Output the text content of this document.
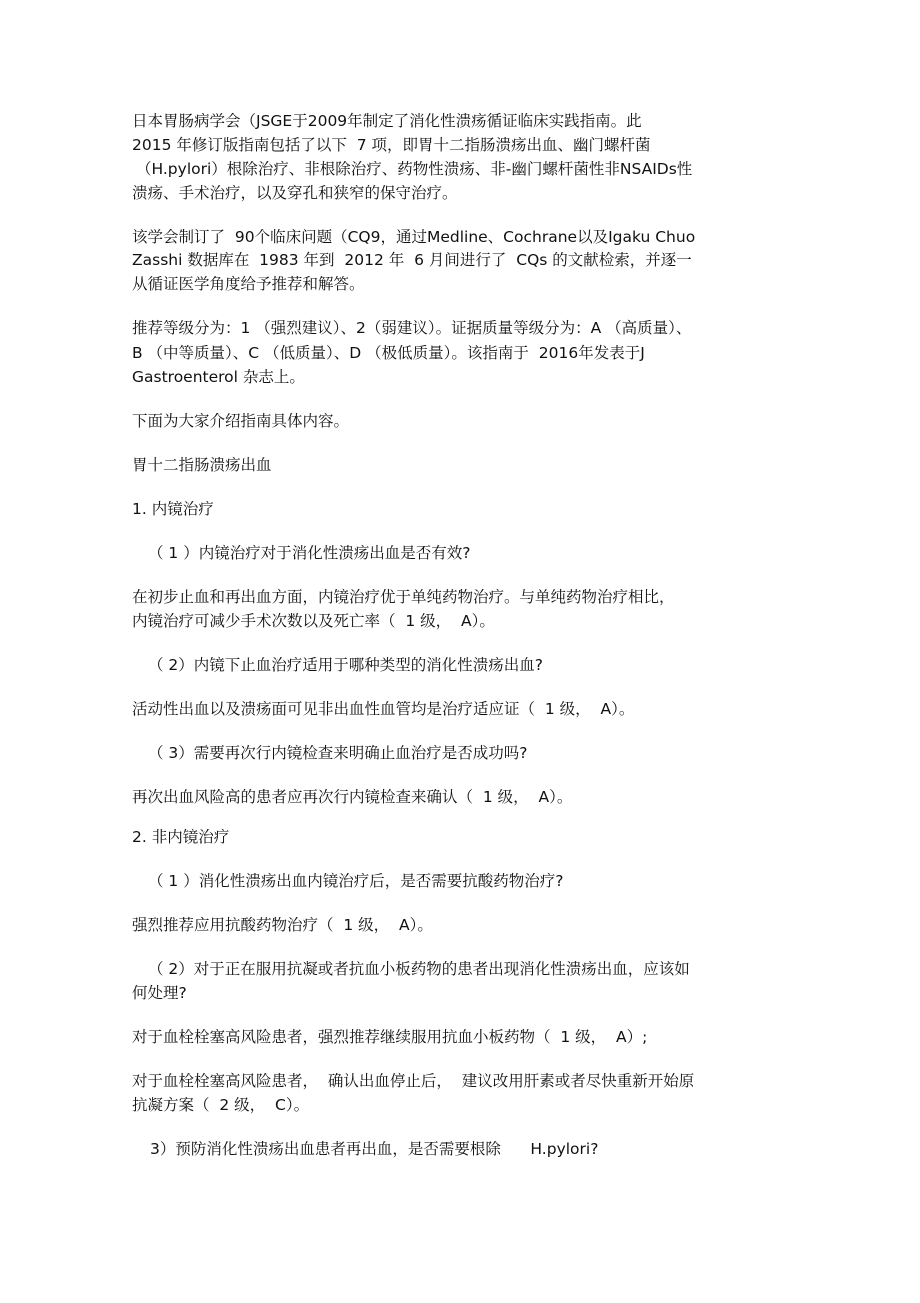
日本胃肠病学会（JSGE于2009年制定了消化性溃疡循证临床实践指南。此
2015 年修订版指南包括了以下  7 项，即胃十二指肠溃疡出血、幽门螺杆菌
（H.pylori）根除治疗、非根除治疗、药物性溃疡、非-幽门螺杆菌性非NSAIDs性
溃疡、手术治疗，以及穿孔和狭窄的保守治疗。
该学会制订了  90个临床问题（CQ9，通过Medline、Cochrane以及Igaku Chuo
Zasshi 数据库在  1983 年到  2012 年  6 月间进行了  CQs 的文献检索，并逐一
从循证医学角度给予推荐和解答。
推荐等级分为：1 （强烈建议）、2（弱建议）。证据质量等级分为：A （高质量）、
B （中等质量）、C （低质量）、D （极低质量）。该指南于  2016年发表于J
Gastroenterol 杂志上。
下面为大家介绍指南具体内容。
胃十二指肠溃疡出血
1. 内镜治疗
（ 1 ）内镜治疗对于消化性溃疡出血是否有效?
在初步止血和再出血方面，内镜治疗优于单纯药物治疗。与单纯药物治疗相比，
内镜治疗可减少手术次数以及死亡率（  1 级，  A）。
（ 2）内镜下止血治疗适用于哪种类型的消化性溃疡出血?
活动性出血以及溃疡面可见非出血性血管均是治疗适应证（  1 级，  A）。
（ 3）需要再次行内镜检查来明确止血治疗是否成功吗?
再次出血风险高的患者应再次行内镜检查来确认（  1 级，  A）。
2. 非内镜治疗
（ 1 ）消化性溃疡出血内镜治疗后，是否需要抗酸药物治疗?
强烈推荐应用抗酸药物治疗（  1 级，  A）。
（ 2）对于正在服用抗凝或者抗血小板药物的患者出现消化性溃疡出血，应该如
何处理?
对于血栓栓塞高风险患者，强烈推荐继续服用抗血小板药物（  1 级，  A）;
对于血栓栓塞高风险患者，  确认出血停止后，  建议改用肝素或者尽快重新开始原
抗凝方案（  2 级，  C）。
3）预防消化性溃疡出血患者再出血，是否需要根除      H.pylori?
